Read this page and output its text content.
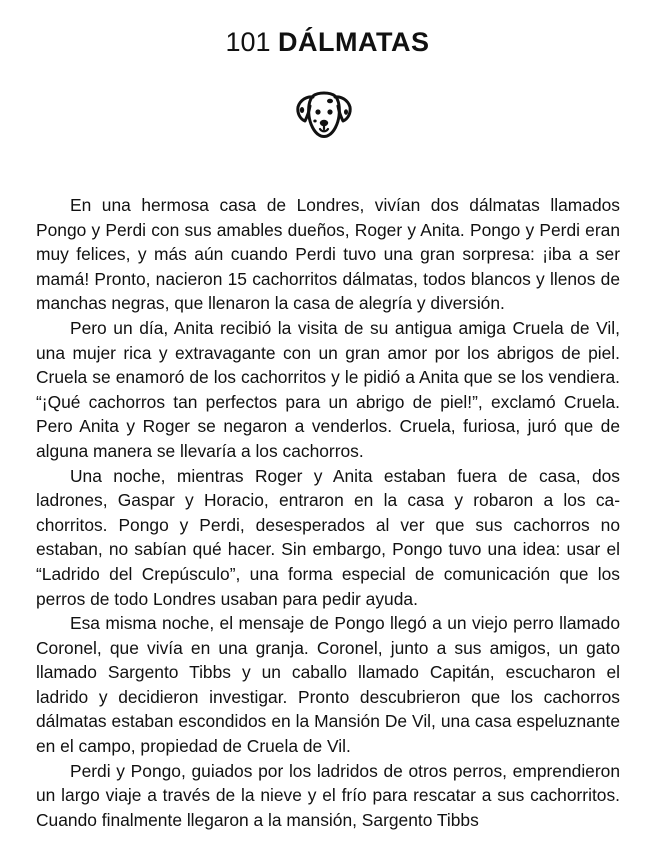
101 DÁLMATAS

En una hermosa casa de Londres, vivían dos dálmatas llamados Pongo y Perdi con sus amables dueños, Roger y Anita. Pongo y Perdi eran muy felices, y más aún cuando Perdi tuvo una gran sorpresa: ¡iba a ser mamá! Pronto, nacieron 15 cachorritos dálmatas, todos blancos y llenos de manchas negras, que llenaron la casa de alegría y diversión.

Pero un día, Anita recibió la visita de su antigua amiga Cruela de Vil, una mujer rica y extravagante con un gran amor por los abrigos de piel. Cruela se enamoró de los cachorritos y le pidió a Anita que se los vendiera. “¡Qué cachorros tan perfectos para un abrigo de piel!”, exclamó Cruela. Pero Anita y Roger se negaron a venderlos. Cruela, furiosa, juró que de alguna manera se llevaría a los cachorros.

Una noche, mientras Roger y Anita estaban fuera de casa, dos ladrones, Gaspar y Horacio, entraron en la casa y robaron a los cachorritos. Pongo y Perdi, desesperados al ver que sus cachorros no estaban, no sabían qué hacer. Sin embargo, Pongo tuvo una idea: usar el “Ladrido del Crepúsculo”, una forma especial de comunicación que los perros de todo Londres usaban para pedir ayuda.

Esa misma noche, el mensaje de Pongo llegó a un viejo perro llamado Coronel, que vivía en una granja. Coronel, junto a sus amigos, un gato llamado Sargento Tibbs y un caballo llamado Capitán, escucharon el ladrido y decidieron investigar. Pronto descubrieron que los cachorros dálmatas estaban escondidos en la Mansión De Vil, una casa espeluznante en el campo, propiedad de Cruela de Vil.

Perdi y Pongo, guiados por los ladridos de otros perros, emprendieron un largo viaje a través de la nieve y el frío para rescatar a sus cachorritos. Cuando finalmente llegaron a la mansión, Sargento Tibbs
